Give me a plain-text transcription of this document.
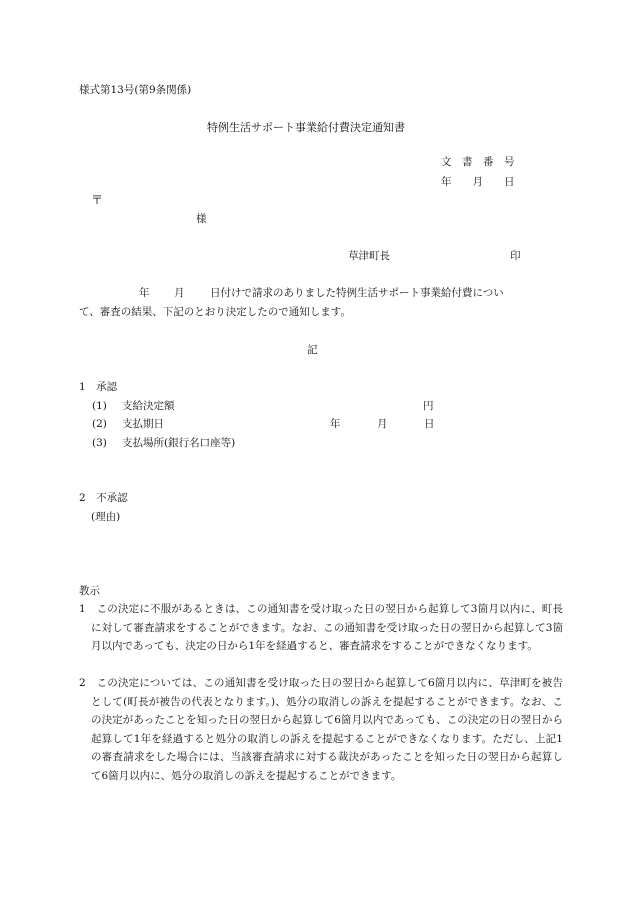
様式第13号(第9条関係)
特例生活サポート事業給付費決定通知書
文　書　番　号
年　　月　　日
〒
様
草津町長	印
年 月 日付けで請求のありました特例生活サポート事業給付費につい
て、審査の結果、下記のとおり決定したので通知します。
記
1　承認
(1) 支給決定額	円
(2) 支払期日	年	月	日
(3) 支払場所(銀行名口座等)
2　不承認
(理由)
教示
1　この決定に不服があるときは、この通知書を受け取った日の翌日から起算して3箇月以内に、町長に対して審査請求をすることができます。なお、この通知書を受け取った日の翌日から起算して3箇月以内であっても、決定の日から1年を経過すると、審査請求をすることができなくなります。
2　この決定については、この通知書を受け取った日の翌日から起算して6箇月以内に、草津町を被告として(町長が被告の代表となります。)、処分の取消しの訴えを提起することができます。なお、この決定があったことを知った日の翌日から起算して6箇月以内であっても、この決定の日の翌日から起算して1年を経過すると処分の取消しの訴えを提起することができなくなります。ただし、上記1の審査請求をした場合には、当該審査請求に対する裁決があったことを知った日の翌日から起算して6箇月以内に、処分の取消しの訴えを提起することができます。
